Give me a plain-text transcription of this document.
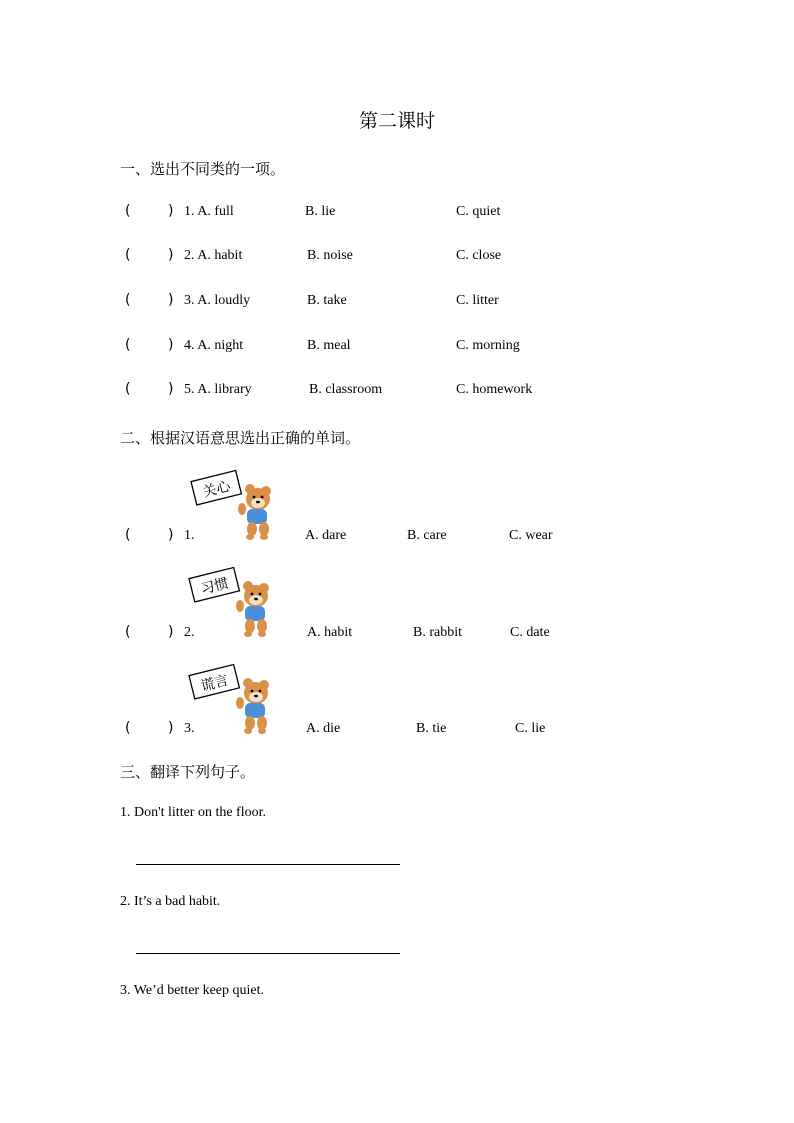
第二课时
一、选出不同类的一项。
(	) 1. A. full	B. lie	C. quiet
(	) 2. A. habit	B. noise	C. close
(	) 3. A. loudly	B. take	C. litter
(	) 4. A. night	B. meal	C. morning
(	) 5. A. library	B. classroom	C. homework
二、根据汉语意思选出正确的单词。
关心
习惯
谎言
(	) 1.	A. dare	B. care	C. wear
(	) 2.	A. habit	B. rabbit	C. date
(	) 3.	A. die	B. tie	C. lie
三、翻译下列句子。
1. Don't litter on the floor.
2. It’s a bad habit.
3. We’d better keep quiet.
